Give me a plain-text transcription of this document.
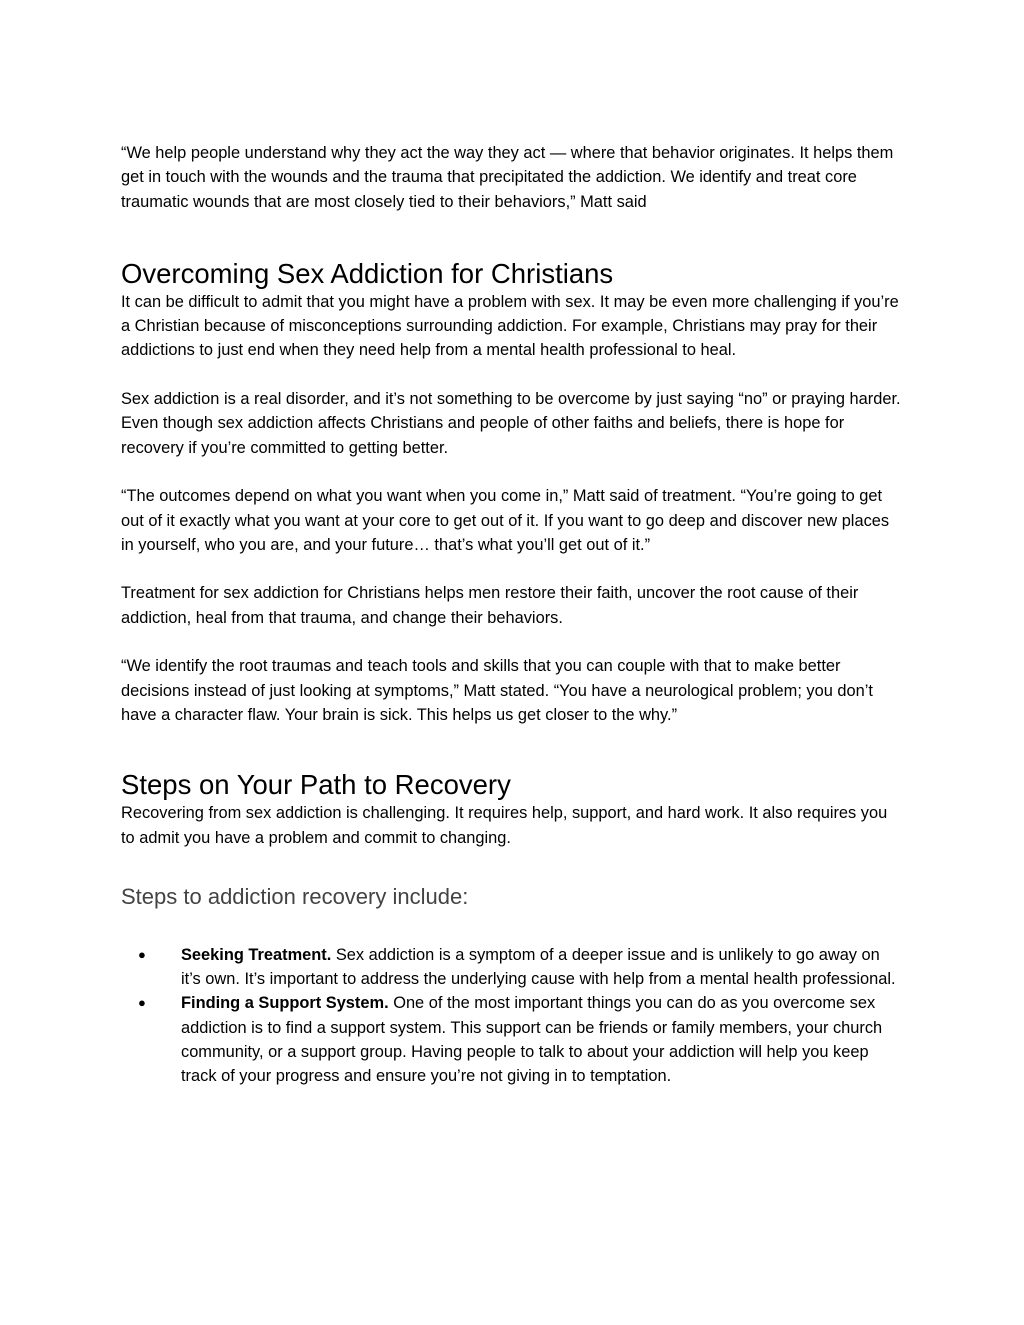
“We help people understand why they act the way they act — where that behavior originates. It helps them get in touch with the wounds and the trauma that precipitated the addiction. We identify and treat core traumatic wounds that are most closely tied to their behaviors,” Matt said

Overcoming Sex Addiction for Christians

It can be difficult to admit that you might have a problem with sex. It may be even more challenging if you’re a Christian because of misconceptions surrounding addiction. For example, Christians may pray for their addictions to just end when they need help from a mental health professional to heal.

Sex addiction is a real disorder, and it’s not something to be overcome by just saying “no” or praying harder. Even though sex addiction affects Christians and people of other faiths and beliefs, there is hope for recovery if you’re committed to getting better.

“The outcomes depend on what you want when you come in,” Matt said of treatment. “You’re going to get out of it exactly what you want at your core to get out of it. If you want to go deep and discover new places in yourself, who you are, and your future… that’s what you’ll get out of it.”

Treatment for sex addiction for Christians helps men restore their faith, uncover the root cause of their addiction, heal from that trauma, and change their behaviors.

“We identify the root traumas and teach tools and skills that you can couple with that to make better decisions instead of just looking at symptoms,” Matt stated. “You have a neurological problem; you don’t have a character flaw. Your brain is sick. This helps us get closer to the why.”

Steps on Your Path to Recovery

Recovering from sex addiction is challenging. It requires help, support, and hard work. It also requires you to admit you have a problem and commit to changing.

Steps to addiction recovery include:
● Seeking Treatment. Sex addiction is a symptom of a deeper issue and is unlikely to go away on it’s own. It’s important to address the underlying cause with help from a mental health professional.
● Finding a Support System. One of the most important things you can do as you overcome sex addiction is to find a support system. This support can be friends or family members, your church community, or a support group. Having people to talk to about your addiction will help you keep track of your progress and ensure you’re not giving in to temptation.
